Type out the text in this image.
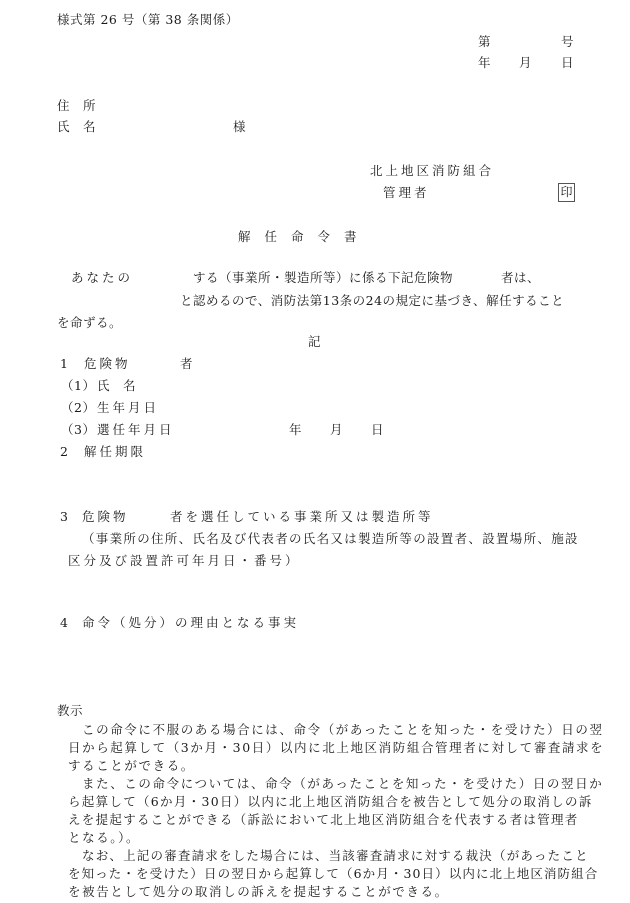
様式第 26 号（第 38 条関係）
第	号
年 月 日
住　所
氏　名	様
北上地区消防組合
管理者	印
解任命令書
あなたの	する（事業所・製造所等）に係る下記危険物	者は、
と認めるので、消防法第13条の24の規定に基づき、解任すること
を命ずる。
記
1 危険物	者
（1） 氏　名
（2） 生年月日
（3） 選任年月日	年 月 日
2 解任期限
3 危険物	者を選任している事業所又は製造所等
（事業所の住所、氏名及び代表者の氏名又は製造所等の設置者、設置場所、施設
区分及び設置許可年月日・番号）
4 命令（処分）の理由となる事実
教示
この命令に不服のある場合には、命令（があったことを知った・を受けた）日の翌
日から起算して（3か月・30日）以内に北上地区消防組合管理者に対して審査請求を
することができる。
また、この命令については、命令（があったことを知った・を受けた）日の翌日か
ら起算して（6か月・30日）以内に北上地区消防組合を被告として処分の取消しの訴
えを提起することができる（訴訟において北上地区消防組合を代表する者は管理者
となる。）。
なお、上記の審査請求をした場合には、当該審査請求に対する裁決（があったこと
を知った・を受けた）日の翌日から起算して（6か月・30日）以内に北上地区消防組合
を被告として処分の取消しの訴えを提起することができる。
